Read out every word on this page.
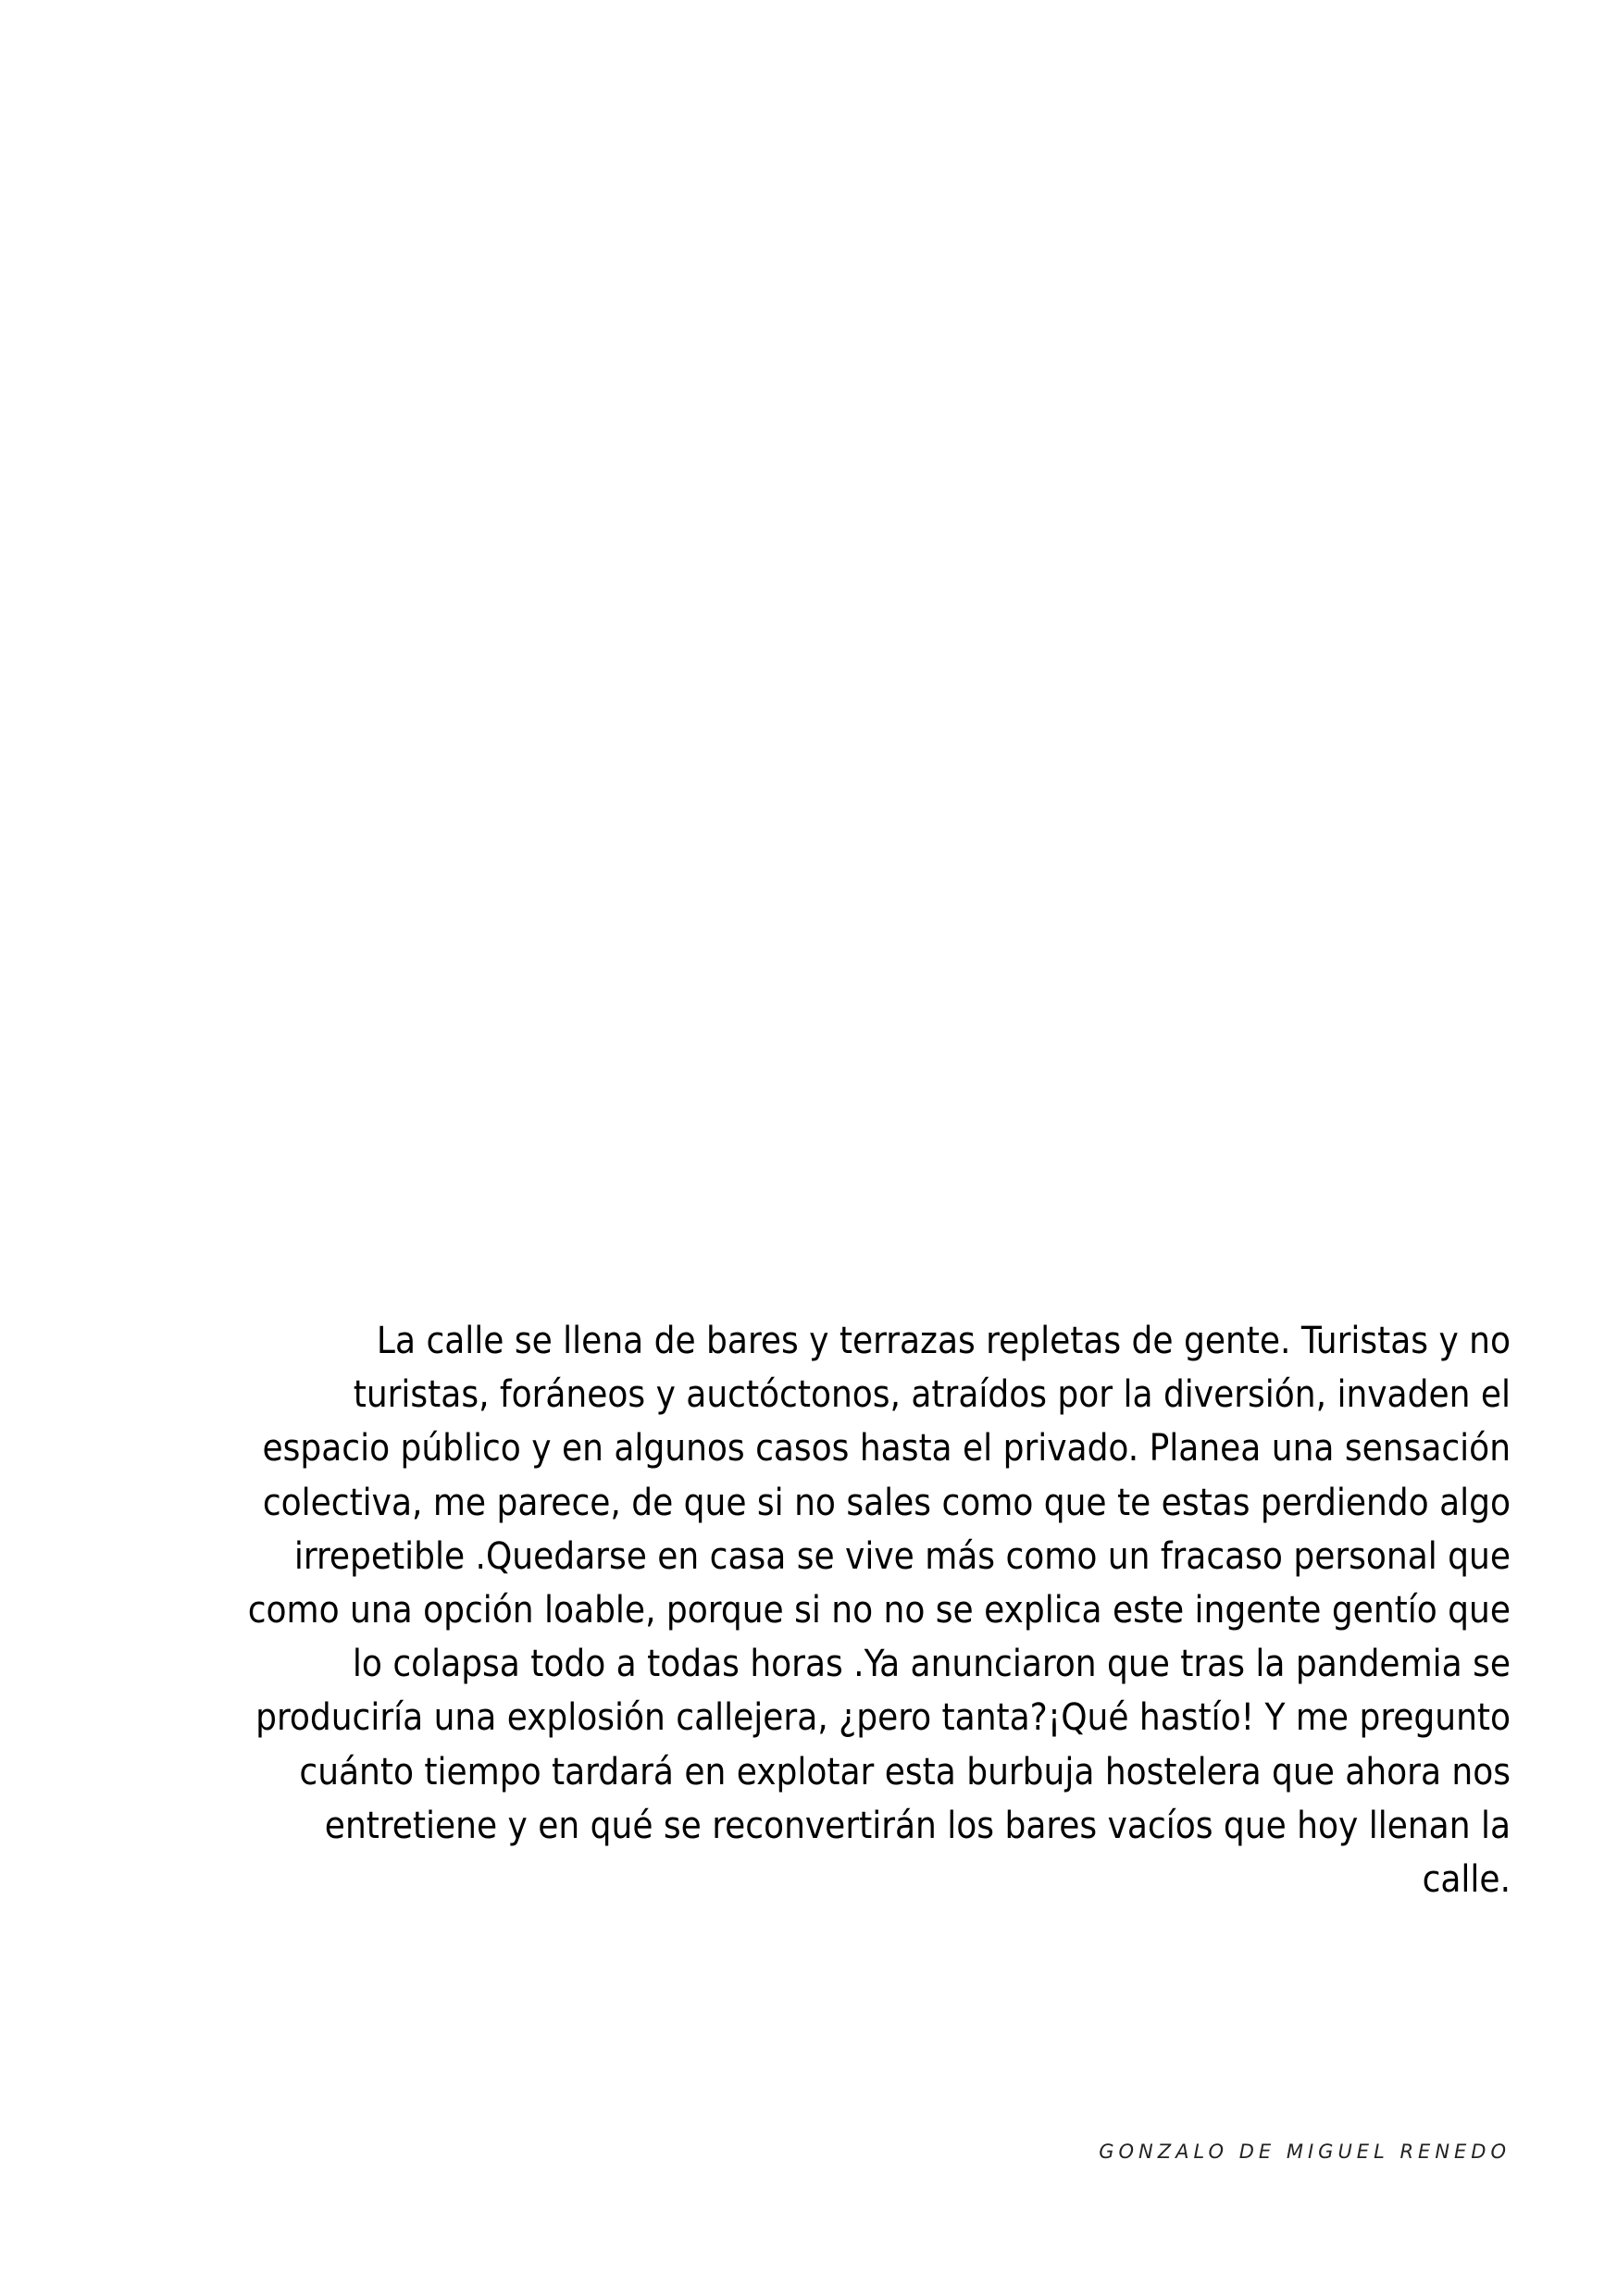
La calle se llena de bares y terrazas repletas de gente. Turistas y no
turistas, foráneos y auctóctonos, atraídos por la diversión, invaden el
espacio público y en algunos casos hasta el privado. Planea una sensación
colectiva, me parece, de que si no sales como que te estas perdiendo algo
irrepetible .Quedarse en casa se vive más como un fracaso personal que
como una opción loable, porque si no no se explica este ingente gentío que
lo colapsa todo a todas horas .Ya anunciaron que tras la pandemia se
produciría una explosión callejera, ¿pero tanta?¡Qué hastío! Y me pregunto
cuánto tiempo tardará en explotar esta burbuja hostelera que ahora nos
entretiene y en qué se reconvertirán los bares vacíos que hoy llenan la
calle.

GONZALO DE MIGUEL RENEDO
